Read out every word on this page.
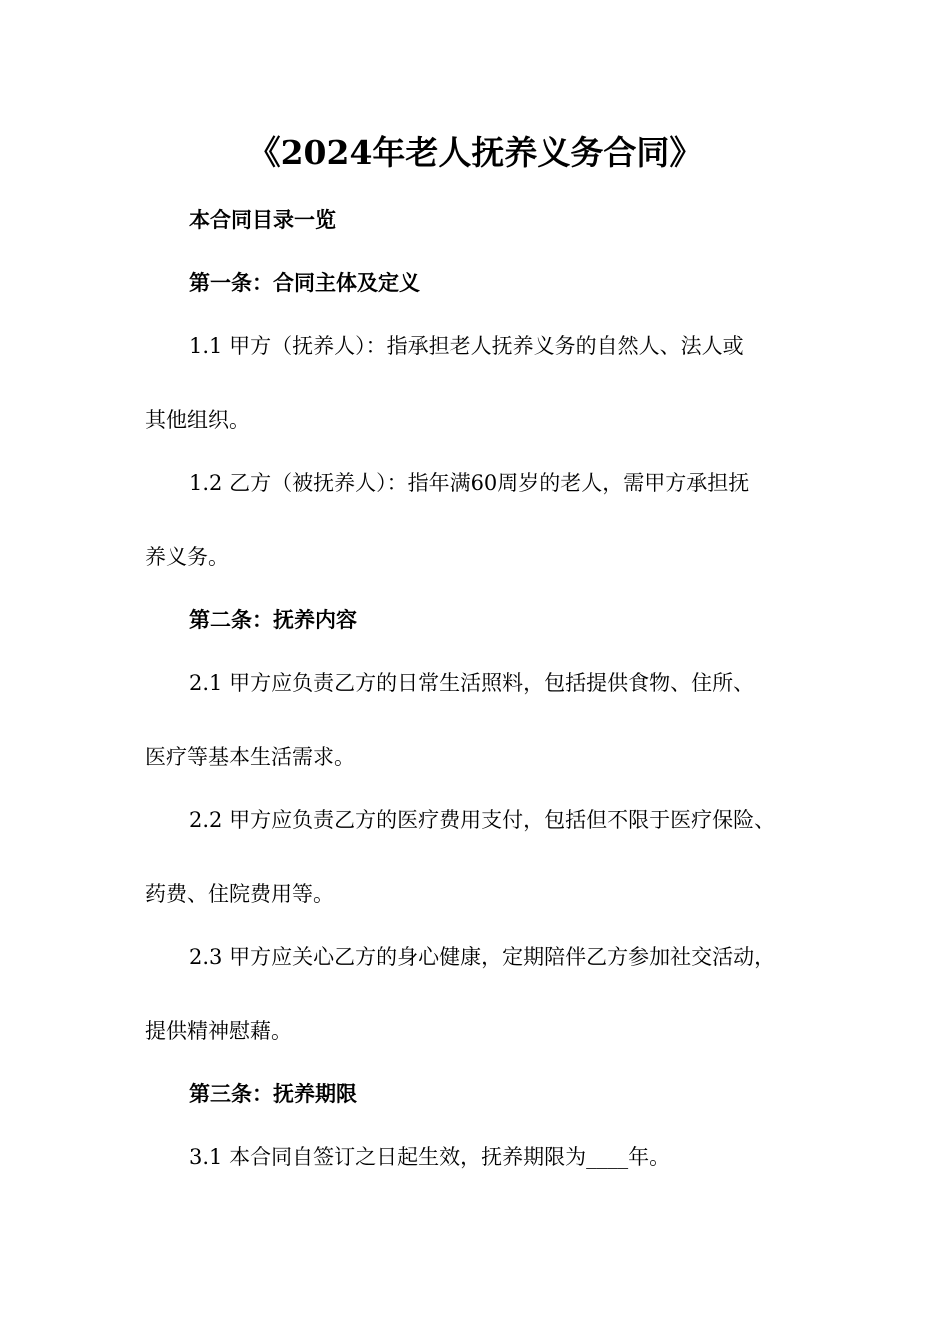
《2024年老人抚养义务合同》
本合同目录一览
第一条：合同主体及定义
1.1 甲方（抚养人）：指承担老人抚养义务的自然人、法人或
其他组织。
1.2 乙方（被抚养人）：指年满60周岁的老人，需甲方承担抚
养义务。
第二条：抚养内容
2.1 甲方应负责乙方的日常生活照料，包括提供食物、住所、
医疗等基本生活需求。
2.2 甲方应负责乙方的医疗费用支付，包括但不限于医疗保险、
药费、住院费用等。
2.3 甲方应关心乙方的身心健康，定期陪伴乙方参加社交活动，
提供精神慰藉。
第三条：抚养期限
3.1 本合同自签订之日起生效，抚养期限为____年。
